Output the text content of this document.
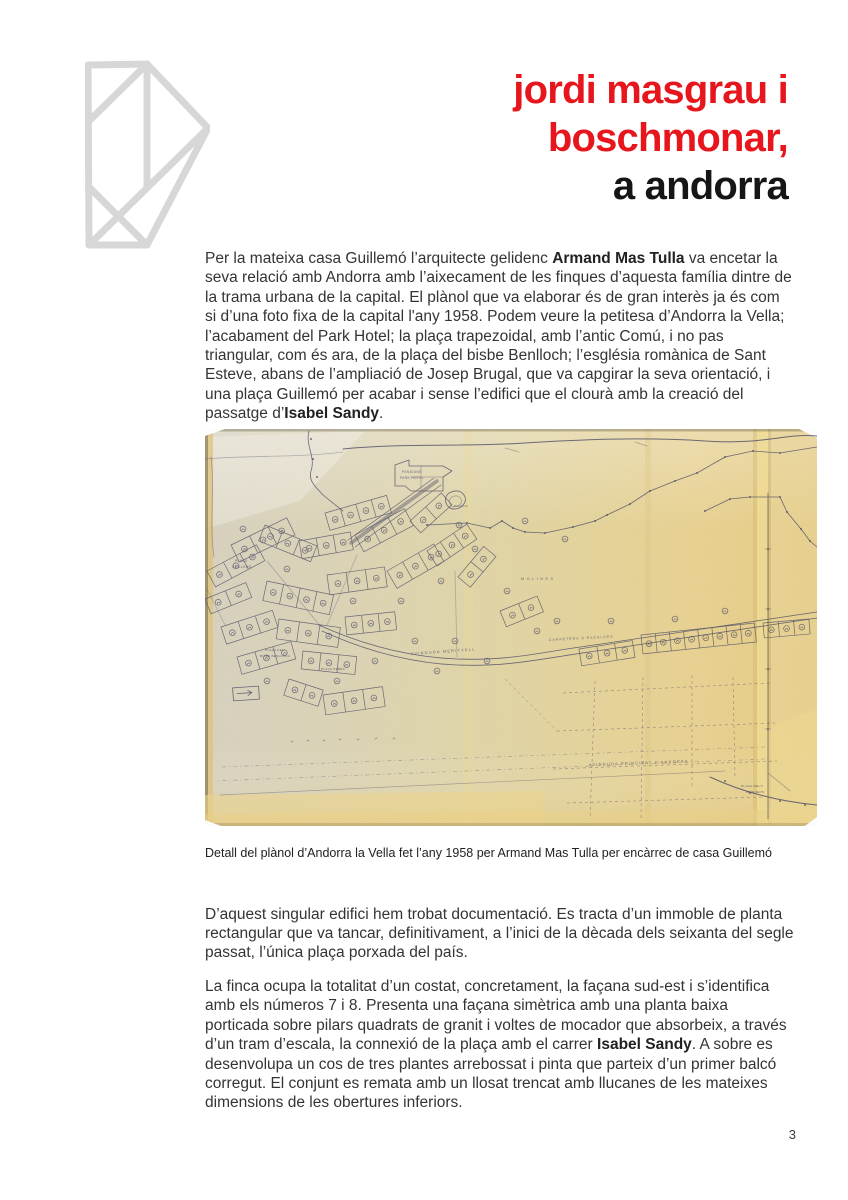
jordi masgrau i
boschmonar,
a andorra

Per la mateixa casa Guillemó l’arquitecte gelidenc Armand Mas Tulla va encetar la seva relació amb Andorra amb l’aixecament de les finques d’aquesta família dintre de la trama urbana de la capital. El plànol que va elaborar és de gran interès ja és com si d’una foto fixa de la capital l'any 1958. Podem veure la petitesa d’Andorra la Vella; l’acabament del Park Hotel; la plaça trapezoidal, amb l’antic Comú, i no pas triangular, com és ara, de la plaça del bisbe Benlloch; l’església romànica de Sant Esteve, abans de l’ampliació de Josep Brugal, que va capgirar la seva orientació, i una plaça Guillemó per acabar i sense l’edifici que el clourà amb la creació del passatge d’Isabel Sandy.

Detall del plànol d’Andorra la Vella fet l’any 1958 per Armand Mas Tulla per encàrrec de casa Guillemó

D’aquest singular edifici hem trobat documentació. Es tracta d’un immoble de planta rectangular que va tancar, definitivament, a l’inici de la dècada dels seixanta del segle passat, l’única plaça porxada del país.

La finca ocupa la totalitat d’un costat, concretament, la façana sud-est i s’identifica amb els números 7 i 8. Presenta una façana simètrica amb una planta baixa porticada sobre pilars quadrats de granit i voltes de mocador que absorbeix, a través d’un tram d’escala, la connexió de la plaça amb el carrer Isabel Sandy. A sobre es desenvolupa un cos de tres plantes arrebossat i pinta que parteix d’un primer balcó corregut. El conjunt es remata amb un llosat trencat amb llucanes de les mateixes dimensions de les obertures inferiors.

3
